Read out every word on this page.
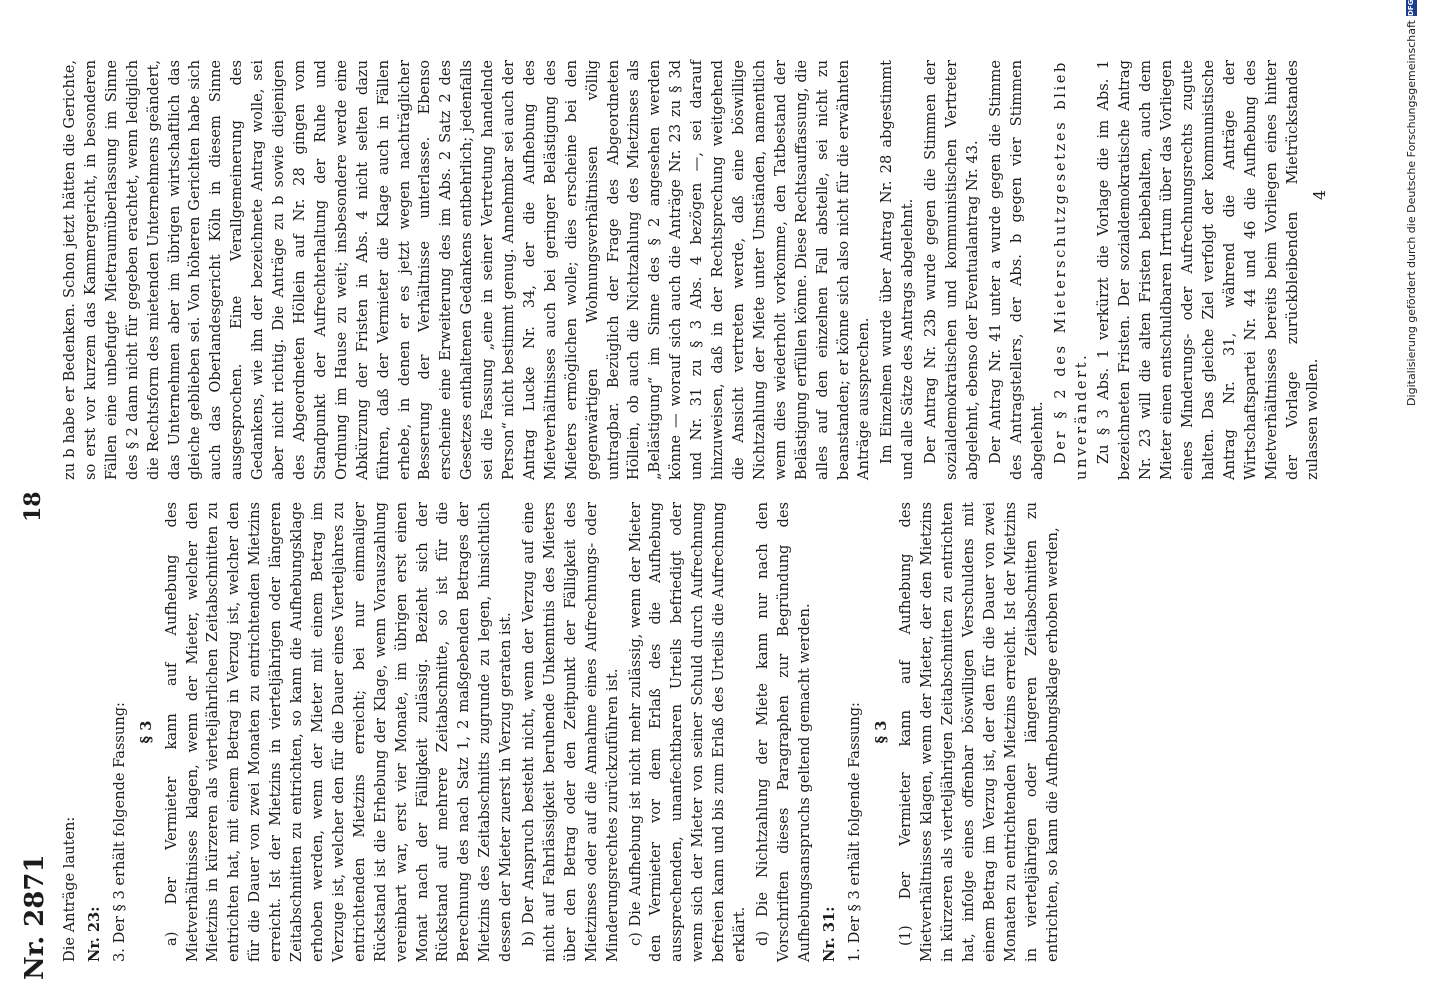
Nr. 2871
18

Die Anträge lauten: Nr. 23: 3. Der § 3 erhält folgende Fassung: § 3 a) Der Vermieter kann auf Aufhebung des Mietverhältnisses klagen, wenn der Mieter, welcher den Mietzins in kürzeren als vierteljährlichen Zeitabschnitten zu entrichten hat, mit einem Betrag in Verzug ist, welcher den für die Dauer von zwei Monaten zu entrichtenden Mietzins erreicht. Ist der Mietzins in vierteljährigen oder längeren Zeitabschnitten zu entrichten, so kann die Aufhebungsklage erhoben werden, wenn der Mieter mit einem Betrag im Verzuge ist, welcher den für die Dauer eines Vierteljahres zu entrichtenden Mietzins erreicht; bei nur einmaliger Rückstand ist die Erhebung der Klage, wenn Vorauszahlung vereinbart war, erst vier Monate, im übrigen erst einen Monat nach der Fälligkeit zulässig. Bezieht sich der Rückstand auf mehrere Zeitabschnitte, so ist für die Berechnung des nach Satz 1, 2 maßgebenden Betrages der Mietzins des Zeitabschnitts zugrunde zu legen, hinsichtlich dessen der Mieter zuerst in Verzug geraten ist. b) Der Anspruch besteht nicht, wenn der Verzug auf eine nicht auf Fahrlässigkeit beruhende Unkenntnis des Mieters über den Betrag oder den Zeitpunkt der Fälligkeit des Mietzinses oder auf die Annahme eines Aufrechnungs- oder Minderungsrechtes zurückzuführen ist. c) Die Aufhebung ist nicht mehr zulässig, wenn der Mieter den Vermieter vor dem Erlaß des die Aufhebung aussprechenden, unanfechtbaren Urteils befriedigt oder wenn sich der Mieter von seiner Schuld durch Aufrechnung befreien kann und bis zum Erlaß des Urteils die Aufrechnung erklärt. d) Die Nichtzahlung der Miete kann nur nach den Vorschriften dieses Paragraphen zur Begründung des Aufhebungsanspruchs geltend gemacht werden. Nr. 31: 1. Der § 3 erhält folgende Fassung: § 3 (1) Der Vermieter kann auf Aufhebung des Mietverhältnisses klagen, wenn der Mieter, der den Mietzins in kürzeren als vierteljährigen Zeitabschnitten zu entrichten hat, infolge eines offenbar böswilligen Verschuldens mit einem Betrag im Verzug ist, der den für die Dauer von zwei Monaten zu entrichtenden Mietzins erreicht. Ist der Mietzins in vierteljährigen oder längeren Zeitabschnitten zu entrichten, so kann die Aufhebungsklage erhoben werden,

zu b habe er Bedenken. Schon jetzt hätten die Gerichte, so erst vor kurzem das Kammergericht, in besonderen Fällen eine unbefugte Mietraumüberlassung im Sinne des § 2 dann nicht für gegeben erachtet, wenn lediglich die Rechtsform des mietenden Unternehmens geändert, das Unternehmen aber im übrigen wirtschaftlich das gleiche geblieben sei. Von höheren Gerichten habe sich auch das Oberlandesgericht Köln in diesem Sinne ausgesprochen. Eine Verallgemeinerung des Gedankens, wie ihn der bezeichnete Antrag wolle, sei aber nicht richtig. Die Anträge zu b sowie diejenigen des Abgeordneten Höllein auf Nr. 28 gingen vom Standpunkt der Aufrechterhaltung der Ruhe und Ordnung im Hause zu weit; insbesondere werde eine Abkürzung der Fristen in Abs. 4 nicht selten dazu führen, daß der Vermieter die Klage auch in Fällen erhebe, in denen er es jetzt wegen nachträglicher Besserung der Verhältnisse unterlasse. Ebenso erscheine eine Erweiterung des im Abs. 2 Satz 2 des Gesetzes enthaltenen Gedankens entbehrlich; jedenfalls sei die Fassung „eine in seiner Vertretung handelnde Person“ nicht bestimmt genug. Annehmbar sei auch der Antrag Lucke Nr. 34, der die Aufhebung des Mietverhältnisses auch bei geringer Belästigung des Mieters ermöglichen wolle; dies erscheine bei den gegenwärtigen Wohnungsverhältnissen völlig untragbar. Bezüglich der Frage des Abgeordneten Höllein, ob auch die Nichtzahlung des Mietzinses als „Belästigung“ im Sinne des § 2 angesehen werden könne — worauf sich auch die Anträge Nr. 23 zu § 3d und Nr. 31 zu § 3 Abs. 4 bezögen —, sei darauf hinzuweisen, daß in der Rechtsprechung weitgehend die Ansicht vertreten werde, daß eine böswillige Nichtzahlung der Miete unter Umständen, namentlich wenn dies wiederholt vorkomme, den Tatbestand der Belästigung erfüllen könne. Diese Rechtsauffassung, die alles auf den einzelnen Fall abstelle, sei nicht zu beanstanden; er könne sich also nicht für die erwähnten Anträge aussprechen. Im Einzelnen wurde über Antrag Nr. 28 abgestimmt und alle Sätze des Antrags abgelehnt. Der Antrag Nr. 23b wurde gegen die Stimmen der sozialdemokratischen und kommunistischen Vertreter abgelehnt, ebenso der Eventualantrag Nr. 43. Der Antrag Nr. 41 unter a wurde gegen die Stimme des Antragstellers, der Abs. b gegen vier Stimmen abgelehnt. Der § 2 des Mieterschutzgesetzes blieb unverändert. Zu § 3 Abs. 1 verkürzt die Vorlage die im Abs. 1 bezeichneten Fristen. Der sozialdemokratische Antrag Nr. 23 will die alten Fristen beibehalten, auch dem Mieter einen entschuldbaren Irrtum über das Vorliegen eines Minderungs- oder Aufrechnungsrechts zugute halten. Das gleiche Ziel verfolgt der kommunistische Antrag Nr. 31, während die Anträge der Wirtschaftspartei Nr. 44 und 46 die Aufhebung des Mietverhältnisses bereits beim Vorliegen eines hinter der Vorlage zurückbleibenden Mietrückstandes zulassen wollen.

4	Digitalisierung gefördert durch die Deutsche Forschungsgemeinschaft
DFG
